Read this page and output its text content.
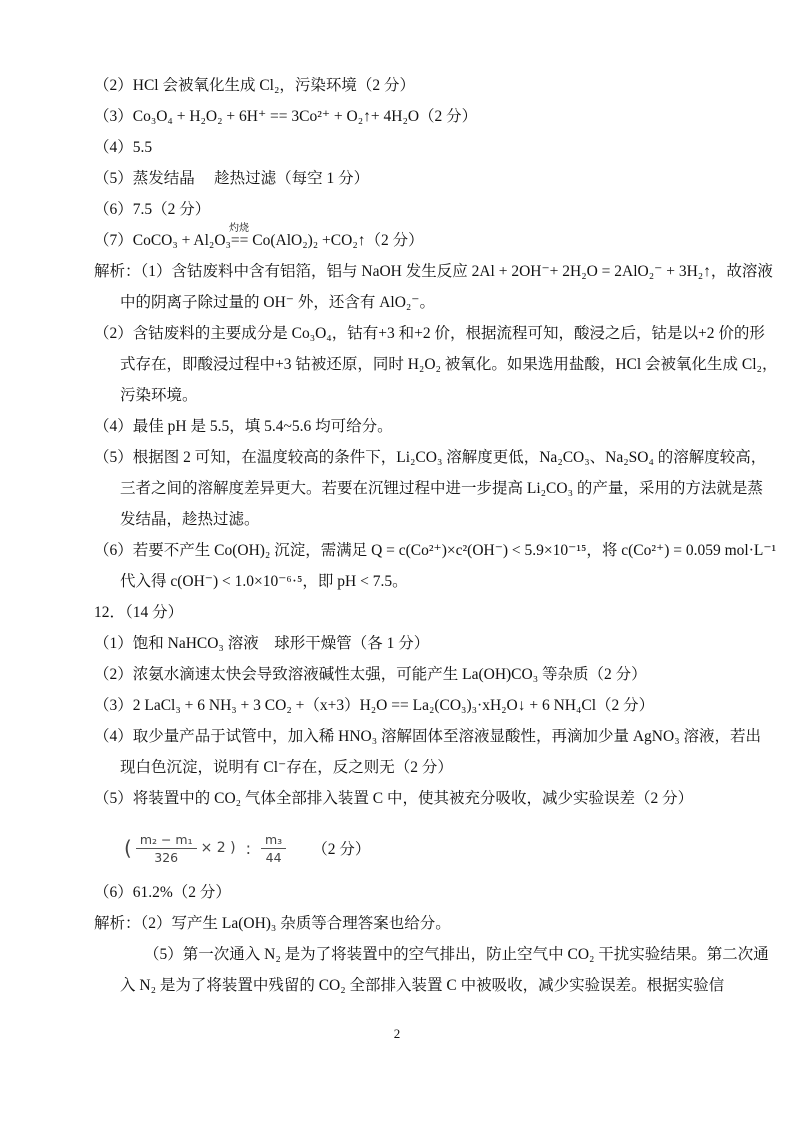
（2）HCl 会被氧化生成 Cl₂，污染环境（2 分）
（3）Co₃O₄ + H₂O₂ + 6H⁺ == 3Co²⁺ + O₂↑+ 4H₂O（2 分）
（4）5.5
（5）蒸发结晶　 趁热过滤（每空 1 分）
（6）7.5（2 分）
灼烧
（7）CoCO₃ + Al₂O₃== Co(AlO₂)₂ +CO₂↑（2 分）
解析：（1）含钴废料中含有铝箔，铝与 NaOH 发生反应 2Al + 2OH⁻+ 2H₂O = 2AlO₂⁻ + 3H₂↑，故溶液
中的阴离子除过量的 OH⁻ 外，还含有 AlO₂⁻。
（2）含钴废料的主要成分是 Co₃O₄，钴有+3 和+2 价，根据流程可知，酸浸之后，钴是以+2 价的形
式存在，即酸浸过程中+3 钴被还原，同时 H₂O₂ 被氧化。如果选用盐酸，HCl 会被氧化生成 Cl₂，
污染环境。
（4）最佳 pH 是 5.5，填 5.4~5.6 均可给分。
（5）根据图 2 可知，在温度较高的条件下，Li₂CO₃ 溶解度更低，Na₂CO₃、Na₂SO₄ 的溶解度较高，
三者之间的溶解度差异更大。若要在沉锂过程中进一步提高 Li₂CO₃ 的产量，采用的方法就是蒸
发结晶，趁热过滤。
（6）若要不产生 Co(OH)₂ 沉淀，需满足 Q = c(Co²⁺)×c²(OH⁻) < 5.9×10⁻¹⁵，将 c(Co²⁺) = 0.059 mol·L⁻¹
代入得 c(OH⁻) < 1.0×10⁻⁶·⁵，即 pH < 7.5。
12．（14 分）
（1）饱和 NaHCO₃ 溶液　球形干燥管（各 1 分）
（2）浓氨水滴速太快会导致溶液碱性太强，可能产生 La(OH)CO₃ 等杂质（2 分）
（3）2 LaCl₃ + 6 NH₃ + 3 CO₂ +（x+3）H₂O == La₂(CO₃)₃·xH₂O↓ + 6 NH₄Cl（2 分）
（4）取少量产品于试管中，加入稀 HNO₃ 溶解固体至溶液显酸性，再滴加少量 AgNO₃ 溶液，若出
现白色沉淀，说明有 Cl⁻存在，反之则无（2 分）
（5）将装置中的 CO₂ 气体全部排入装置 C 中，使其被充分吸收，减少实验误差（2 分）
( $\frac{\text{m₂ − m₁}}{326} \times 2$ ) : $\frac{\text{m₃}}{44} (2$ 分）
（6）61.2%（2 分）
解析：（2）写产生 La(OH)₃ 杂质等合理答案也给分。
（5）第一次通入 N₂ 是为了将装置中的空气排出，防止空气中 CO₂ 干扰实验结果。第二次通
入 N₂ 是为了将装置中残留的 CO₂ 全部排入装置 C 中被吸收，减少实验误差。根据实验信
2
